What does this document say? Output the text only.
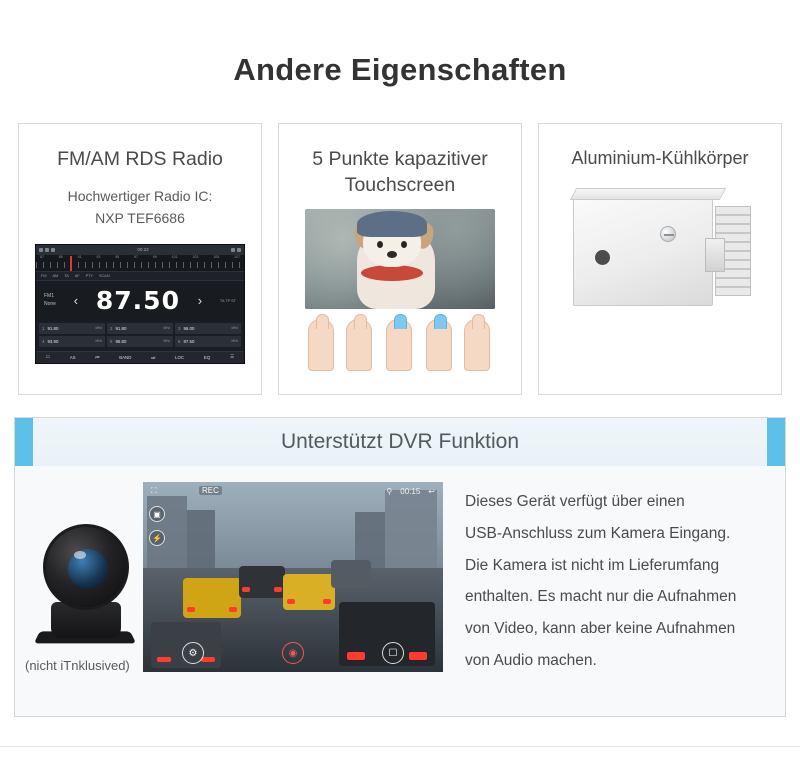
Andere Eigenschaften
FM/AM RDS Radio
Hochwertiger Radio IC:
NXP TEF6686
00:22
87	89	91	93	95	97	99	101	103	105	107
FM AM TA AF PTY SCAN
FM1
None ‹ 87.50 ›	TA TP ST
1 91.80	MHz 2 91.80	MHz 3 96.00	MHz
4 93.90	MHz 5 95.80	MHz 6 87.50	MHz
☖	AS	⏮	BAND	⏭	LOC	EQ	☰
5 Punkte kapazitiver Touchscreen
Aluminium-Kühlkörper
Unterstützt DVR Funktion
(nicht iTnklusived)
⛶	⚲ 00:15 ↩
REC
▣
⚡
⚙	◉	☐
Dieses Gerät verfügt über einen
USB-Anschluss zum Kamera Eingang.
Die Kamera ist nicht im Lieferumfang
enthalten. Es macht nur die Aufnahmen
von Video, kann aber keine Aufnahmen
von Audio machen.
